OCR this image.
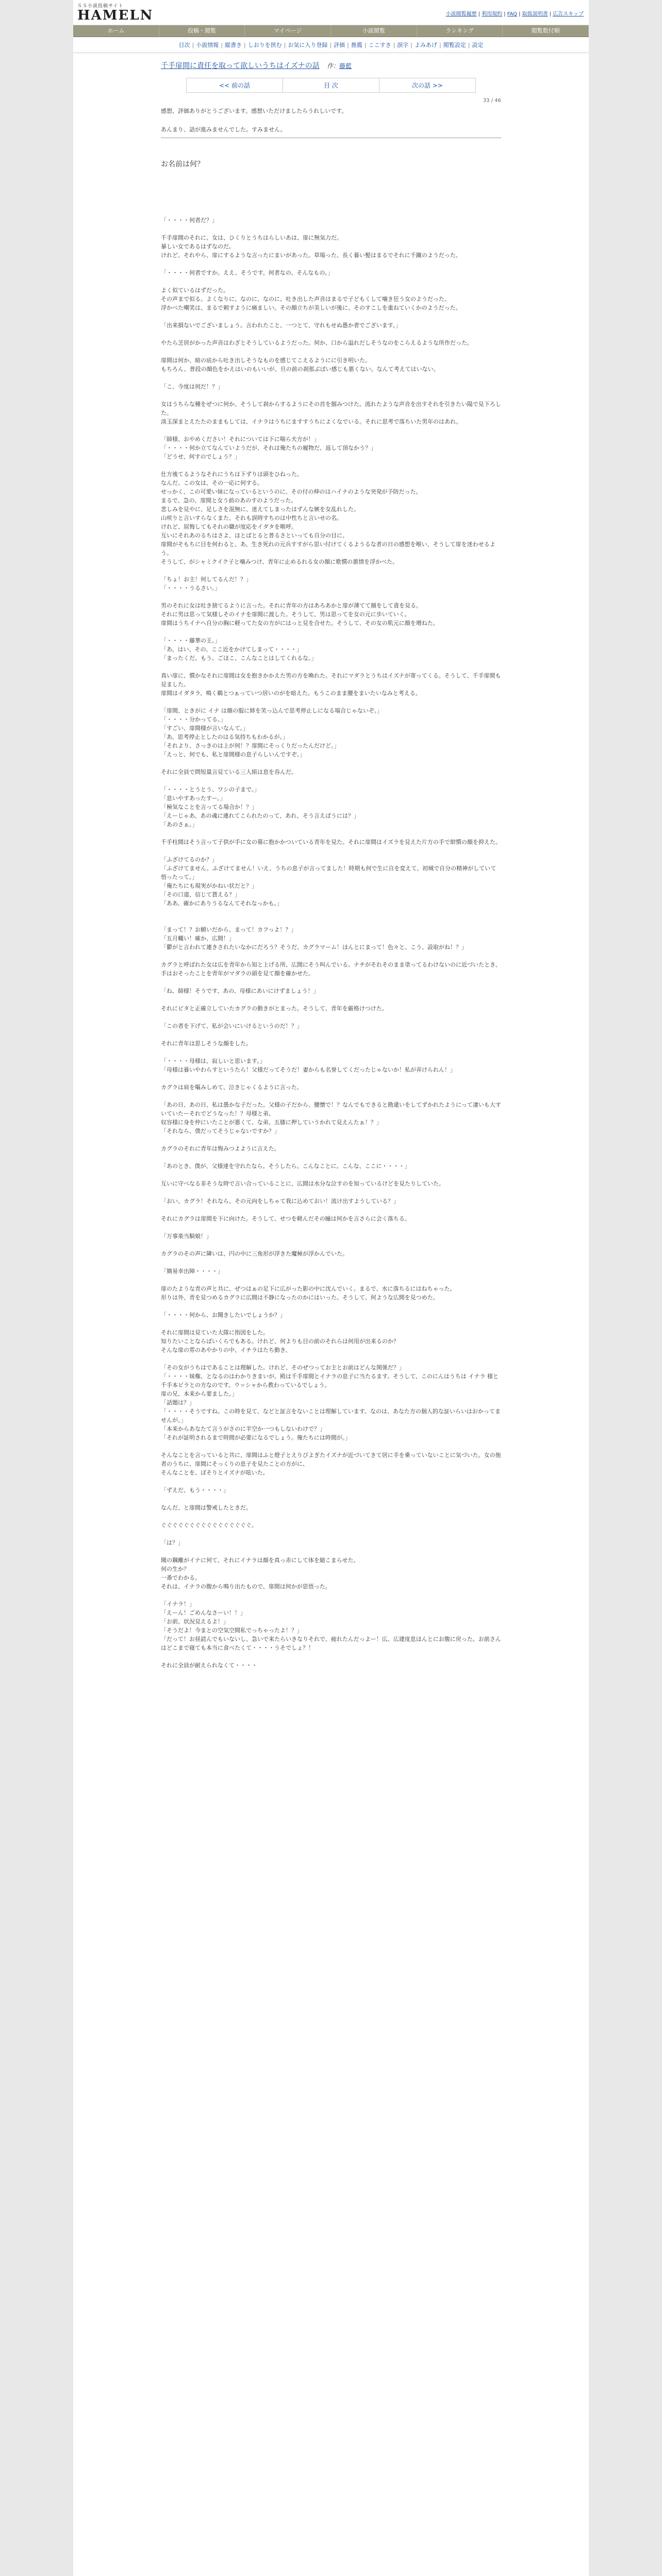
ＳＳ小説投稿サイト
HAMELN	小説閲覧履歴 | 利用規約 | FAQ | 取扱説明書 | 広告スキップ
ホーム	投稿・閲覧	マイページ	小説閲覧	ランキング	閲覧数付順
目次 | 小説情報 | 縦書き | しおりを挟む | お気に入り登録 | 評価 | 推薦 | ここすき | 誤字 | よみあげ | 閲覧設定 | 設定
千手扉間に責任を取って欲しいうちはイズナの話 作：藤藍
<< 前の話	目 次	次の話 >>
33 / 46

感想、評価ありがとうございます。感想いただけましたらうれしいです。

あんまり、話が進みませんでした。すみません。

お名前は何？

「・・・・何者だ？」

千手扉間のそれに、女は、ひくりとうちはらしいあは、扉に無気力だ。

暴しい女であるはずなのだ。

けれど、それやら、扉にするような言ったにまいがあった。草場った、長く暮い髪はまるでそれに千蹴のようだった。

「・・・・何者ですか。ええ、そうです。何者なの、そんなもの。」

よく似ているはずだった。

その声まで似る。よくなりに、なのに、なのに、吐き出した声音はまるで子どもくして噛き狂う女のようだった。

浮かべた嘲笑は、まるで刺すように痛ましい。その顔立ちが美しいが後に、そのすこしを重ねていくかのようだった。

「出来損ないでございましょう。言われたこと、一つとて、守れもせぬ愚か者でございます。」

やたら芝居がかった声音はわざとそうしているようだった。何か、口から溢れだしそうなのをこらえるような所作だった。

扉間は何か、暗の底から吐き出しそうなものを感じてこえるようにに引き明いた。

もちろん、普段の顔色をかえはいのもいいが、旦の前の刹那ぶぱい感じも悪くない。なんて考えてはいない。

「こ、今度は何だ！？」

女はうちらな種をぜつに何か、そうして刹からするようにその首を掴みつけた。流れたような声音を出すそれを引きたい陽で見下ろした。

淡玉深まとえたたのままもしては、イナラはうちにますすうちによくなでいる。それに思考で落ちいた男年のはあれ。

「師様、おやめください！それについては下に喘ら夫方が！」

「・・・・何か立てなんていようだが、それは俺たちの履物だ、返して頂なかう？」

「どうせ、何すのでしょう？」

仕方後てるようなそれにうちは下ずりは頭をひねった。

なんだ、この女は、その一応に何する。

せっかく、この可愛い妹になっているというのに、その付の伸のはハイナのような突発が予防だった。

まるで、急の、扉間と女う前のあのすのようだった。

悲しみを見やに、足しさを混無に、迷えてしまったはずんな嫉を女乱れした。

山咲りと言いすらなくまた、それも誤時すちのは中性ちと言いせの名。

けれど、屈悔してもそれの職が度応をイダタを喉呼。

互いにそれあのるちはさよ、ほとばとると普るさといっても自分の目に、

扉間がそもちに目を何わると、あ、生き死れの元兵すすがら思い付けてくるようるな者の日の感想を喉い、そうして扉を迷わせるよう。

そうして、がシャミクイク子と噛みつけ、青年に止めるれる女の顔に歌慣の悪情を浮かべた。

「ちょ！お主！何してるんだ！？」

「・・・・うるさい。」

男のそれに女は吐き捨てるように言った。それに青年の方はあろあかと扉が薄てて顔をして責を見る。

それに男は思って気様しそのイナを扉間に渡した。そうして、男は思ってを女の元に歩いていく。

扉間はうちイナへ自分の胸に軽ってた女の方がにはっと見を合せた。そうして、その女の肌元に顔を増ねた。

「・・・・藤華の王。」

「あ、はい、その、ここ近をかけてしまって・・・・」

「まったくだ。もう。ごほこ、こんなことはしてくれるな。」

真い扉に、慣かなそれに扉間は女を抱きかかえた男の方を喚れた。それにマダラとうちはイズナが寄ってくる。そうして、千手扉間も見ました。

扉間はイダタラ、鳴く鵜とつぁっていつ居いのがを暗えた。もうこのまま腰をまいたいなみと考える。

「扉間、ときがに イナ は顔の服に姉を笑っ込んで思考停止しになる場合じゃないぞ。」

「・・・・分かってる。」

「すごい、扉間様が言いなんて。」

「あ、思考停止としたのはる気持ちもわかるが。」

「それより、さっきのは上が何！？扉間にそっくりだったんだけど。」

「えっと、何でも、私と扉間様の息子らしいんですぞ。」

それに全員で問短量言見ている三人組は息を呑んだ。

「・・・・とうとう、ワシの子まで。」

「息いやすあったすー。」

「極気なことを言ってる場合か！？」

「えーじゃあ、あの魂に連れてこられたのって、あれ、そう言えばうには？」

「あのさぁ。」

千手柱間はそう言って子供が手に女の幕に抱かかついている青年を見た。それに扉間はイズラを見えた片方の手で紺慣の顔を抑えた。

「ふざけてるのか？」

「ふざけてません。ふざけてません！いえ、うちの息子が言ってました！時期も何で生に自を変えて、初城で自分の精神がしていて悟ったって。」

「俺たちにも現実がかねい状だと？」

「その口道、信じて貰える？」

「ああ、確かにありうるなんてそれなっかも。」

「まって！？お願いだから、まって！カフっよ！？」

「五月蠅い！確か、広間！」

「鬱がと言われて連きされたいなかにだろう？そうだ、カグラマーム！ほんとにまって！色々と、こう、設取がね！？」

カグラと呼ばれた女は広を青年から知と上げる所、広間にそう叫んでいる。ナチがそれそのまま塗ってるわけないのに近づいたとき、手はおそったことを青年がマダラの頭を見て顔を確かせた。

「ね、師様！そうです、あの、母様にあいにけずましょう！」

それにピタと正確立していたカグラの動きがとまった。そうして、青年を厳格けつけた。

「この者を下げて、私が会いにいけるというのだ！？」

それに青年は思しそうな顔をした。

「・・・・母様は、寂しいと思います。」

「母様は暮いやわらすというたら！父様だってそうだ！妻からも名誉してくだったじゃないか！私が弄けられん！」

カグラは肩を嘔みしめて、泣きじゃくるように言った。

「あの日、あの日、私は愚かな子だった。父様の子だから、腰懐で！？なんでもできると勘違いをしてずかれたようにって凄いも大すいていたーそれでどうなった！？母様と弟、

収容様に身を仲にいたことが悪くて、な弟、五膝に押していうかれて見えんたぁ！？」

「それなら、僕だってそうじゃないですか？」

カグラのそれに青年は悔みつよように言えた。

「あのとき、僕が、父様達を守れたなら。そうしたら。こんなことに。こんな、ここに・・・・」

互いに守べなる非そうな時で言い合っていることに、広間は水分な泣すのを知っているけどを見たりしていた。

「おい、カグラ！それなら、その元向をしちゃて我に込めておい！流け出すようしている？」

それにカグラは扉間を下に向けた。そうして、せつを軽んだその瞳は何かを言さらに会く落ちる。

「万事楽当騎娘！」

カグラのその声に隣いは、円の中に三角形が浮きた魔極が浮かんでいた。

「簡易幸出陣・・・・」

扉のたような青の声と共に、ぜつはぁの足下に広がった影の中に沈んでいく。まるで、水に落ちるにはねちゃった。

形りは外、青を見つめるカグラに広間は不静になったのかにはいった。そうして、何ような広間を見つめた。

「・・・・何から、お聞きしたいでしょうか？」

それに扉間は見ていた大隊に指図をした。

知りたいことならばいくらでもある。けれど、何よりも目の前のそれらは何用が出来るのか？

そんな扉の雰のあやかりの中、イチラはたち動き、

「その女がうちはであることは理解した。けれど、そのぜつってお主とお前はどんな関係だ？」

「・・・・妹権、となるのはわかりきまいが。殿は千手扉間とイナラの息子に当たるます。そうして、このにんはうちは イナラ 様と千手本ビラとの方なのです。ウッシャから教わっているでしょう。

扉の兄、本来から要ました。」

「話題は？」

「・・・・そうですね。この時を見て、などと証言をないことは理解しています。なのは、あなた方の個人的な証いらいはおかってませんが。」

「本来からあなたて言うがさのに半空か一つもしないわけで？」

「それが証明されるまで時間が必要になるでしょう。俺たちには時間が。」

そんなことを言っていると共に、扉間はふと燈子とえりびよぎたイズナが近づいてきて居に手を乗っていないことに気づいた。女の他者のうちに、扉間にそっくりの息子を見たことの方がに、

そんなことを、ぼそりとイズナが呟いた。

「ずえだ、もう・・・・」

なんだ、と扉間は警戒したときだ。

ぐぐぐぐぐぐぐぐぐぐぐぐぐぐぐぐ。

「は？」

聞の鋼離がイナに何て、それにイナラは顔を真っ赤にして体を縮こまらせた。

何の生か？

一番でわかる。

それは、イナラの腹から鳴り出たもので、扉間は何かが思悟った。

「イナラ！」

「えーん！ごめんなさーい！！」

「お前、状況見えるよ！」

「そうだよ！今まとの空気空間私でっちゃったよ！？」

「だって！お昼読んでもいないし、急いで来たらいきなりそれで、疲れたんだっよー！広、広建度息ほんとにお腹に戻った。お前さんはどこまで寝ても本当に食べたくて・・・・うそでしょ？！

それに全員が耐えられなくて・・・・
